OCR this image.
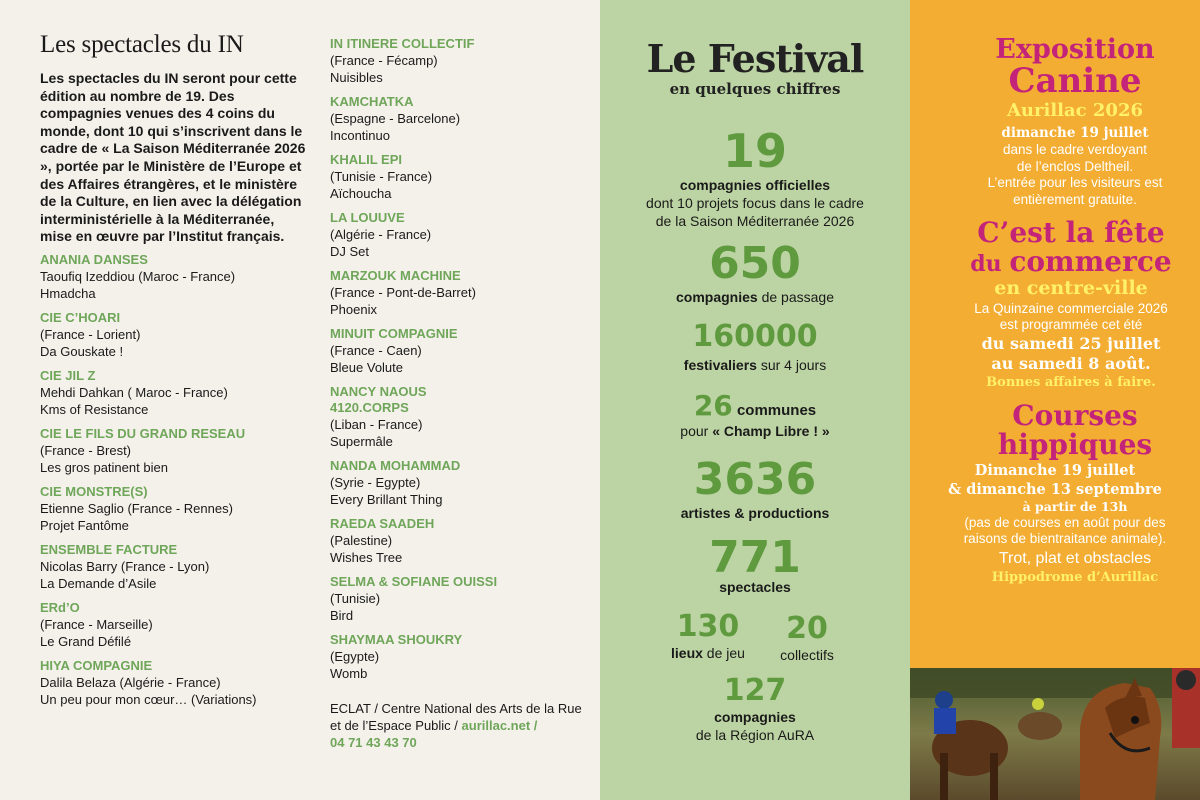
Les spectacles du IN

Les spectacles du IN seront pour cette édition au nombre de 19. Des compagnies venues des 4 coins du monde, dont 10 qui s’inscrivent dans le cadre de « La Saison Méditerranée 2026 », portée par le Ministère de l’Europe et des Affaires étrangères, et le ministère de la Culture, en lien avec la délégation interministérielle à la Méditerranée, mise en œuvre par l’Institut français.

ANANIA DANSES
Taoufiq Izeddiou (Maroc - France)
Hmadcha
CIE C’HOARI
(France - Lorient)
Da Gouskate !
CIE JIL Z
Mehdi Dahkan ( Maroc - France)
Kms of Resistance
CIE LE FILS DU GRAND RESEAU
(France - Brest)
Les gros patinent bien
CIE MONSTRE(S)
Etienne Saglio (France - Rennes)
Projet Fantôme
ENSEMBLE FACTURE
Nicolas Barry (France - Lyon)
La Demande d’Asile
ERd’O
(France - Marseille)
Le Grand Défilé
HIYA COMPAGNIE
Dalila Belaza (Algérie - France)
Un peu pour mon cœur… (Variations)
IN ITINERE COLLECTIF
(France - Fécamp)
Nuisibles
KAMCHATKA
(Espagne - Barcelone)
Incontinuo
KHALIL EPI
(Tunisie - France)
Aïchoucha
LA LOUUVE
(Algérie - France)
DJ Set
MARZOUK MACHINE
(France - Pont-de-Barret)
Phoenix
MINUIT COMPAGNIE
(France - Caen)
Bleue Volute
NANCY NAOUS
4120.CORPS
(Liban - France)
Supermâle
NANDA MOHAMMAD
(Syrie - Egypte)
Every Brillant Thing
RAEDA SAADEH
(Palestine)
Wishes Tree
SELMA & SOFIANE OUISSI
(Tunisie)
Bird
SHAYMAA SHOUKRY
(Egypte)
Womb
ECLAT / Centre National des Arts de la Rue et de l’Espace Public / aurillac.net /
04 71 43 43 70
Le Festival
en quelques chiffres
19
compagnies officielles
dont 10 projets focus dans le cadre
de la Saison Méditerranée 2026
650
compagnies de passage
160000
festivaliers sur 4 jours
26 communes
pour « Champ Libre ! »
3636
artistes & productions
771
spectacles
130
lieux de jeu
20
collectifs
127
compagnies
de la Région AuRA
Exposition
Canine
Aurillac 2026
dimanche 19 juillet
dans le cadre verdoyant
de l’enclos Deltheil.
L’entrée pour les visiteurs est
entièrement gratuite.
C’est la fête
du commerce
en centre-ville
La Quinzaine commerciale 2026
est programmée cet été
du samedi 25 juillet
au samedi 8 août.
Bonnes affaires à faire.
Courses
hippiques
Dimanche 19 juillet
& dimanche 13 septembre
à partir de 13h
(pas de courses en août pour des
raisons de bientraitance animale).
Trot, plat et obstacles
Hippodrome d’Aurillac
